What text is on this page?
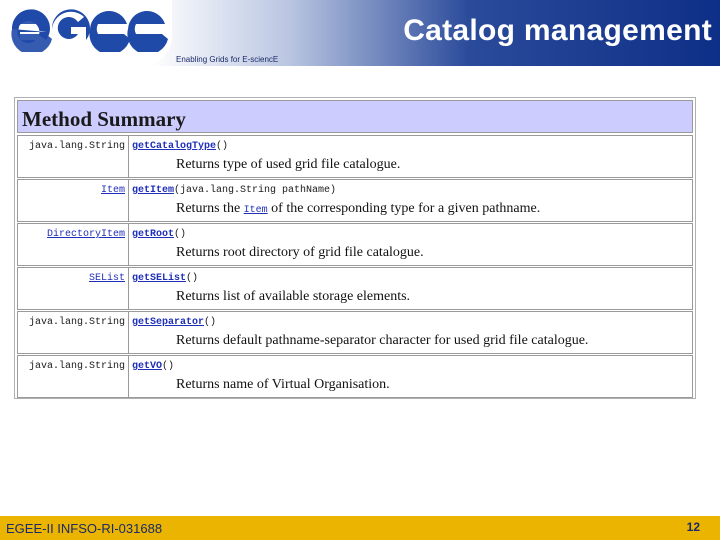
Enabling Grids for E-sciencE
Catalog management
Method Summary
java.lang.String getCatalogType()
Returns type of used grid file catalogue.
Item getItem(java.lang.String pathName)
Returns the Item of the corresponding type for a given pathname.
DirectoryItem getRoot()
Returns root directory of grid file catalogue.
SEList getSEList()
Returns list of available storage elements.
java.lang.String getSeparator()
Returns default pathname-separator character for used grid file catalogue.
java.lang.String getVO()
Returns name of Virtual Organisation.
EGEE-II INFSO-RI-031688	12
